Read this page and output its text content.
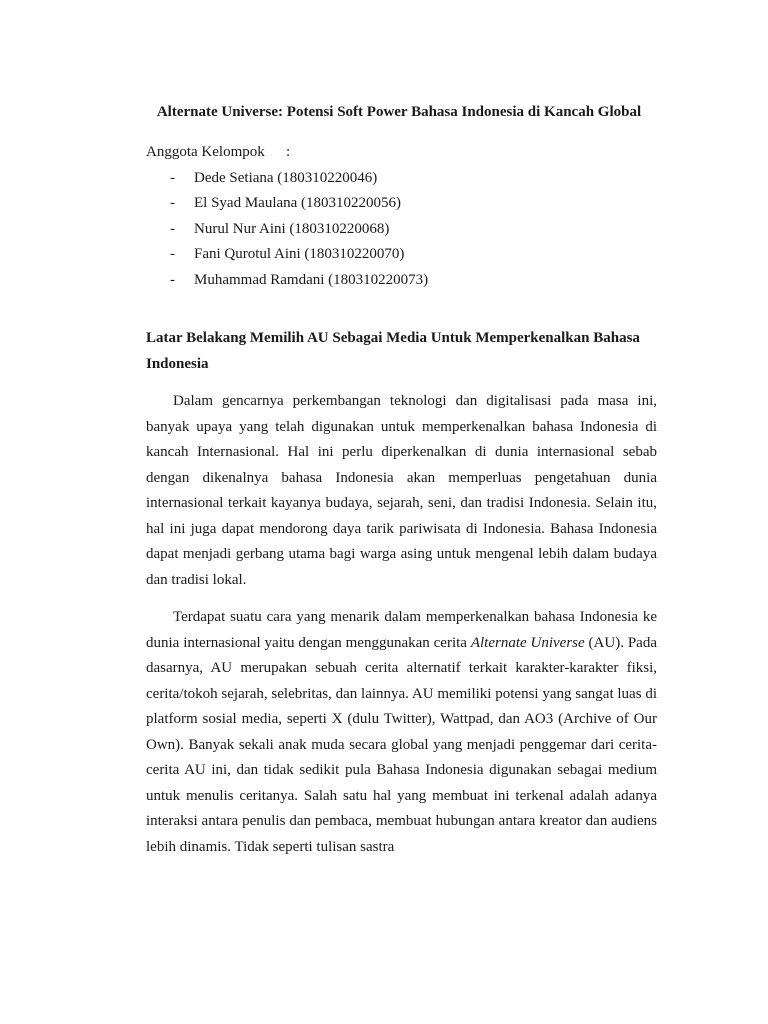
Alternate Universe: Potensi Soft Power Bahasa Indonesia di Kancah Global

Anggota Kelompok	:

-	Dede Setiana (180310220046)
-	El Syad Maulana (180310220056)
-	Nurul Nur Aini (180310220068)
-	Fani Qurotul Aini (180310220070)
-	Muhammad Ramdani (180310220073)
Latar Belakang Memilih AU Sebagai Media Untuk Memperkenalkan Bahasa Indonesia

Dalam gencarnya perkembangan teknologi dan digitalisasi pada masa ini, banyak upaya yang telah digunakan untuk memperkenalkan bahasa Indonesia di kancah Internasional. Hal ini perlu diperkenalkan di dunia internasional sebab dengan dikenalnya bahasa Indonesia akan memperluas pengetahuan dunia internasional terkait kayanya budaya, sejarah, seni, dan tradisi Indonesia. Selain itu, hal ini juga dapat mendorong daya tarik pariwisata di Indonesia. Bahasa Indonesia dapat menjadi gerbang utama bagi warga asing untuk mengenal lebih dalam budaya dan tradisi lokal.

Terdapat suatu cara yang menarik dalam memperkenalkan bahasa Indonesia ke dunia internasional yaitu dengan menggunakan cerita Alternate Universe (AU). Pada dasarnya, AU merupakan sebuah cerita alternatif terkait karakter-karakter fiksi, cerita/tokoh sejarah, selebritas, dan lainnya. AU memiliki potensi yang sangat luas di platform sosial media, seperti X (dulu Twitter), Wattpad, dan AO3 (Archive of Our Own). Banyak sekali anak muda secara global yang menjadi penggemar dari cerita-cerita AU ini, dan tidak sedikit pula Bahasa Indonesia digunakan sebagai medium untuk menulis ceritanya. Salah satu hal yang membuat ini terkenal adalah adanya interaksi antara penulis dan pembaca, membuat hubungan antara kreator dan audiens lebih dinamis. Tidak seperti tulisan sastra
